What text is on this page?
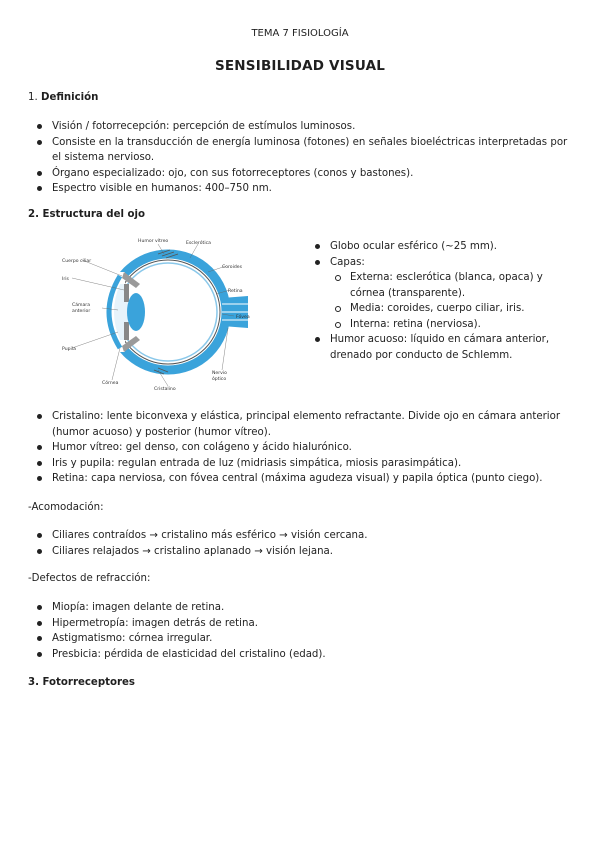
TEMA 7 FISIOLOGÍA
SENSIBILIDAD VISUAL
1. Definición
Visión / fotorrecepción: percepción de estímulos luminosos.
Consiste en la transducción de energía luminosa (fotones) en señales bioeléctricas interpretadas por el sistema nervioso.
Órgano especializado: ojo, con sus fotorreceptores (conos y bastones).
Espectro visible en humanos: 400–750 nm.
2. Estructura del ojo
Humor vítreo	Esclerótica
Cuerpo ciliar
Iris
Coroides
Retina
Cámara
anterior
Fóvea
Pupila
Nervio
óptico
Córnea
Cristalino
Globo ocular esférico (~25 mm).
Capas:
Externa: esclerótica (blanca, opaca) y córnea (transparente).
Media: coroides, cuerpo ciliar, iris.
Interna: retina (nerviosa).
Humor acuoso: líquido en cámara anterior, drenado por conducto de Schlemm.
Cristalino: lente biconvexa y elástica, principal elemento refractante. Divide ojo en cámara anterior (humor acuoso) y posterior (humor vítreo).
Humor vítreo: gel denso, con colágeno y ácido hialurónico.
Iris y pupila: regulan entrada de luz (midriasis simpática, miosis parasimpática).
Retina: capa nerviosa, con fóvea central (máxima agudeza visual) y papila óptica (punto ciego).
-Acomodación:
Ciliares contraídos → cristalino más esférico → visión cercana.
Ciliares relajados → cristalino aplanado → visión lejana.
-Defectos de refracción:
Miopía: imagen delante de retina.
Hipermetropía: imagen detrás de retina.
Astigmatismo: córnea irregular.
Presbicia: pérdida de elasticidad del cristalino (edad).
3. Fotorreceptores
